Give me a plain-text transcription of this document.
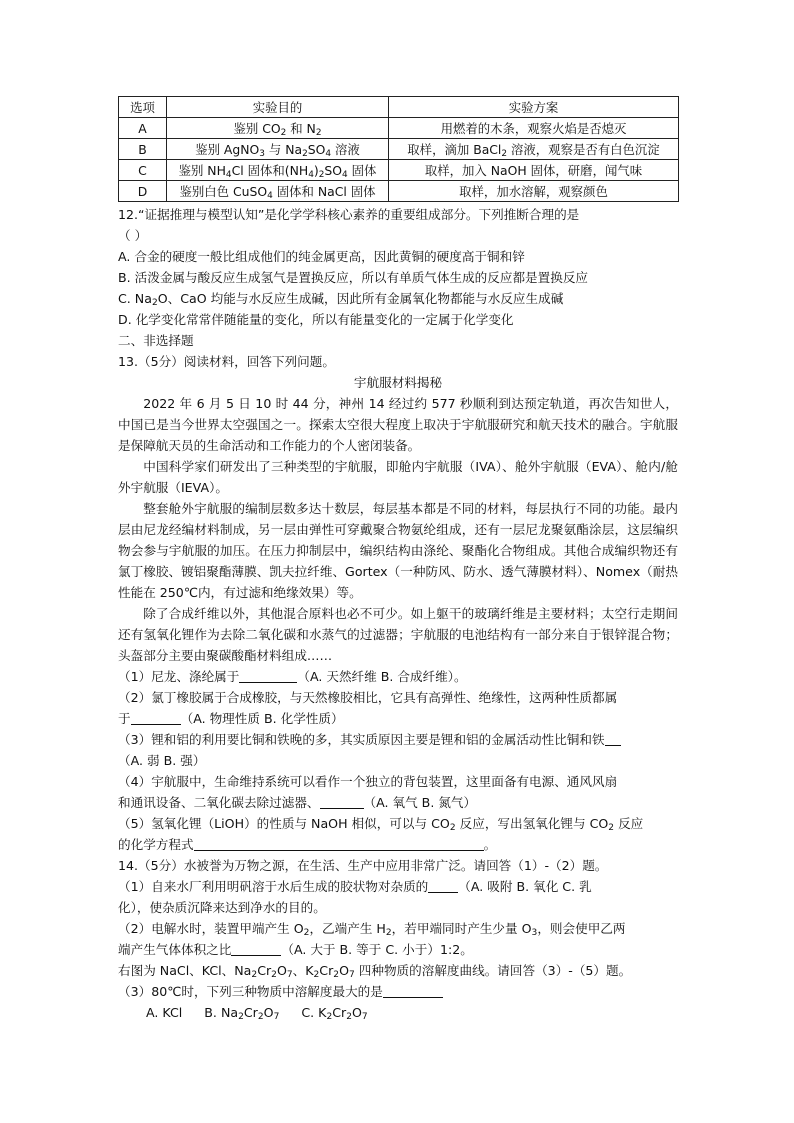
选项	实验目的	实验方案
A	鉴别 $CO_2$ 和 $N_2$	用燃着的木条，观察火焰是否熄灭
B	鉴别 AgNO$_3$ 与 $Na_2SO_4$ 溶液	取样，滴加 BaCl$_2$ 溶液，观察是否有白色沉淀
C	鉴别 $NH_4Cl$ 固体和$(NH_4)_2SO_4$ 固体	取样，加入 NaOH 固体，研磨，闻气味
D	鉴别白色 CuSO$_4$ 固体和 NaCl 固体	取样，加水溶解，观察颜色
12.“证据推理与模型认知”是化学学科核心素养的重要组成部分。下列推断合理的是
（ ）
A. 合金的硬度一般比组成他们的纯金属更高，因此黄铜的硬度高于铜和锌
B. 活泼金属与酸反应生成氢气是置换反应，所以有单质气体生成的反应都是置换反应
C. $Na_2O$、CaO 均能与水反应生成碱，因此所有金属氧化物都能与水反应生成碱
D. 化学变化常常伴随能量的变化，所以有能量变化的一定属于化学变化
二、非选择题
13.（5分）阅读材料，回答下列问题。
宇航服材料揭秘
2022 年 6 月 5 日 10 时 44 分，神州 14 经过约 577 秒顺利到达预定轨道，再次告知世人，中国已是当今世界太空强国之一。探索太空很大程度上取决于宇航服研究和航天技术的融合。宇航服是保障航天员的生命活动和工作能力的个人密闭装备。
中国科学家们研发出了三种类型的宇航服，即舱内宇航服（IVA）、舱外宇航服（EVA）、舱内/舱外宇航服（IEVA）。
整套舱外宇航服的编制层数多达十数层，每层基本都是不同的材料，每层执行不同的功能。最内层由尼龙经编材料制成，另一层由弹性可穿戴聚合物氨纶组成，还有一层尼龙聚氨酯涂层，这层编织物会参与宇航服的加压。在压力抑制层中，编织结构由涤纶、聚酯化合物组成。其他合成编织物还有氯丁橡胶、镀铝聚酯薄膜、凯夫拉纤维、Gortex（一种防风、防水、透气薄膜材料）、Nomex（耐热性能在 250℃内，有过滤和绝缘效果）等。
除了合成纤维以外，其他混合原料也必不可少。如上躯干的玻璃纤维是主要材料；太空行走期间还有氢氧化锂作为去除二氧化碳和水蒸气的过滤器；宇航服的电池结构有一部分来自于银锌混合物；头盔部分主要由聚碳酸酯材料组成……
（1）尼龙、涤纶属于	（A. 天然纤维 B. 合成纤维）。
（2）氯丁橡胶属于合成橡胶，与天然橡胶相比，它具有高弹性、绝缘性，这两种性质都属
于	（A. 物理性质 B. 化学性质）
（3）锂和铝的利用要比铜和铁晚的多，其实质原因主要是锂和铝的金属活动性比铜和铁
（A. 弱 B. 强）
（4）宇航服中，生命维持系统可以看作一个独立的背包装置，这里面备有电源、通风风扇
和通讯设备、二氧化碳去除过滤器、	（A. 氧气 B. 氮气）
（5）氢氧化锂（LiOH）的性质与 NaOH 相似，可以与 $CO_2$ 反应，写出氢氧化锂与 $CO_2$ 反应
的化学方程式	。
14.（5分）水被誉为万物之源，在生活、生产中应用非常广泛。请回答（1）-（2）题。
（1）自来水厂利用明矾溶于水后生成的胶状物对杂质的 （A. 吸附 B. 氧化 C. 乳
化），使杂质沉降来达到净水的目的。
（2）电解水时，装置甲端产生 $O_2$，乙端产生 $H_2$，若甲端同时产生少量 $O_3$，则会使甲乙两
端产生气体体积之比	（A. 大于 B. 等于 C. 小于）1:2。
右图为 NaCl、KCl、$Na_2Cr_2O_7$、$K_2Cr_2O_7$ 四种物质的溶解度曲线。请回答（3）-（5）题。
（3）80℃时，下列三种物质中溶解度最大的是
A. KCl B. $Na_2Cr_2O_7$ C. $K_2Cr_2O_7$
